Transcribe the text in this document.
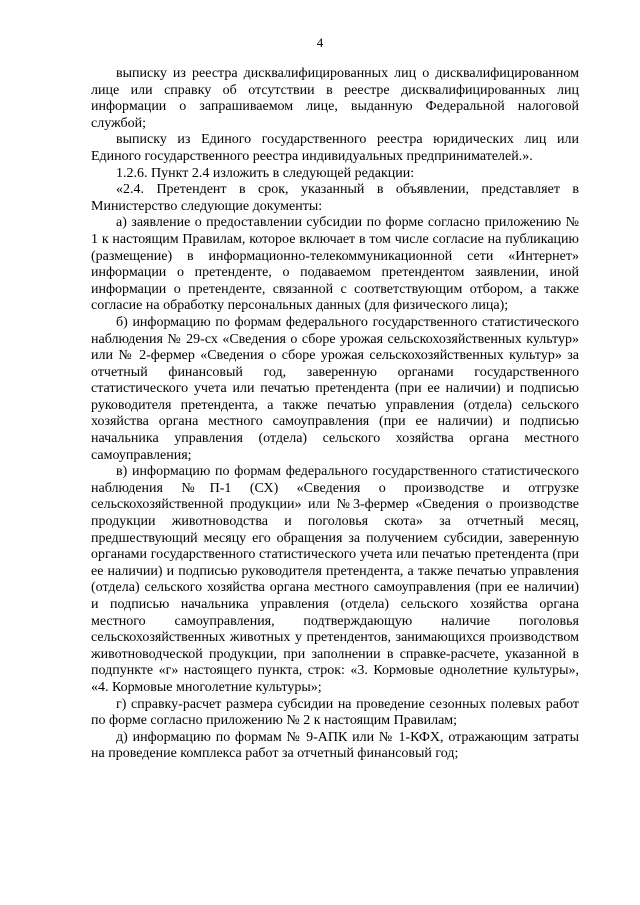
4

выписку из реестра дисквалифицированных лиц о дисквалифицированном лице или справку об отсутствии в реестре дисквалифицированных лиц информации о запрашиваемом лице, выданную Федеральной налоговой службой;

выписку из Единого государственного реестра юридических лиц или Единого государственного реестра индивидуальных предпринимателей.».

1.2.6. Пункт 2.4 изложить в следующей редакции:

«2.4. Претендент в срок, указанный в объявлении, представляет в Министерство следующие документы:

а) заявление о предоставлении субсидии по форме согласно приложению № 1 к настоящим Правилам, которое включает в том числе согласие на публикацию (размещение) в информационно-телекоммуникационной сети «Интернет» информации о претенденте, о подаваемом претендентом заявлении, иной информации о претенденте, связанной с соответствующим отбором, а также согласие на обработку персональных данных (для физического лица);

б) информацию по формам федерального государственного статистического наблюдения № 29-сх «Сведения о сборе урожая сельскохозяйственных культур» или № 2-фермер «Сведения о сборе урожая сельскохозяйственных культур» за отчетный финансовый год, заверенную органами государственного статистического учета или печатью претендента (при ее наличии) и подписью руководителя претендента, а также печатью управления (отдела) сельского хозяйства органа местного самоуправления (при ее наличии) и подписью начальника управления (отдела) сельского хозяйства органа местного самоуправления;

в) информацию по формам федерального государственного статистического наблюдения №П-1 (СХ) «Сведения о производстве и отгрузке сельскохозяйственной продукции» или №3-фермер «Сведения о производстве продукции животноводства и поголовья скота» за отчетный месяц, предшествующий месяцу его обращения за получением субсидии, заверенную органами государственного статистического учета или печатью претендента (при ее наличии) и подписью руководителя претендента, а также печатью управления (отдела) сельского хозяйства органа местного самоуправления (при ее наличии) и подписью начальника управления (отдела) сельского хозяйства органа местного самоуправления, подтверждающую наличие поголовья сельскохозяйственных животных у претендентов, занимающихся производством животноводческой продукции, при заполнении в справке-расчете, указанной в подпункте «г» настоящего пункта, строк: «3. Кормовые однолетние культуры», «4. Кормовые многолетние культуры»;

г) справку-расчет размера субсидии на проведение сезонных полевых работ по форме согласно приложению № 2 к настоящим Правилам;

д) информацию по формам № 9-АПК или № 1-КФХ, отражающим затраты на проведение комплекса работ за отчетный финансовый год;
